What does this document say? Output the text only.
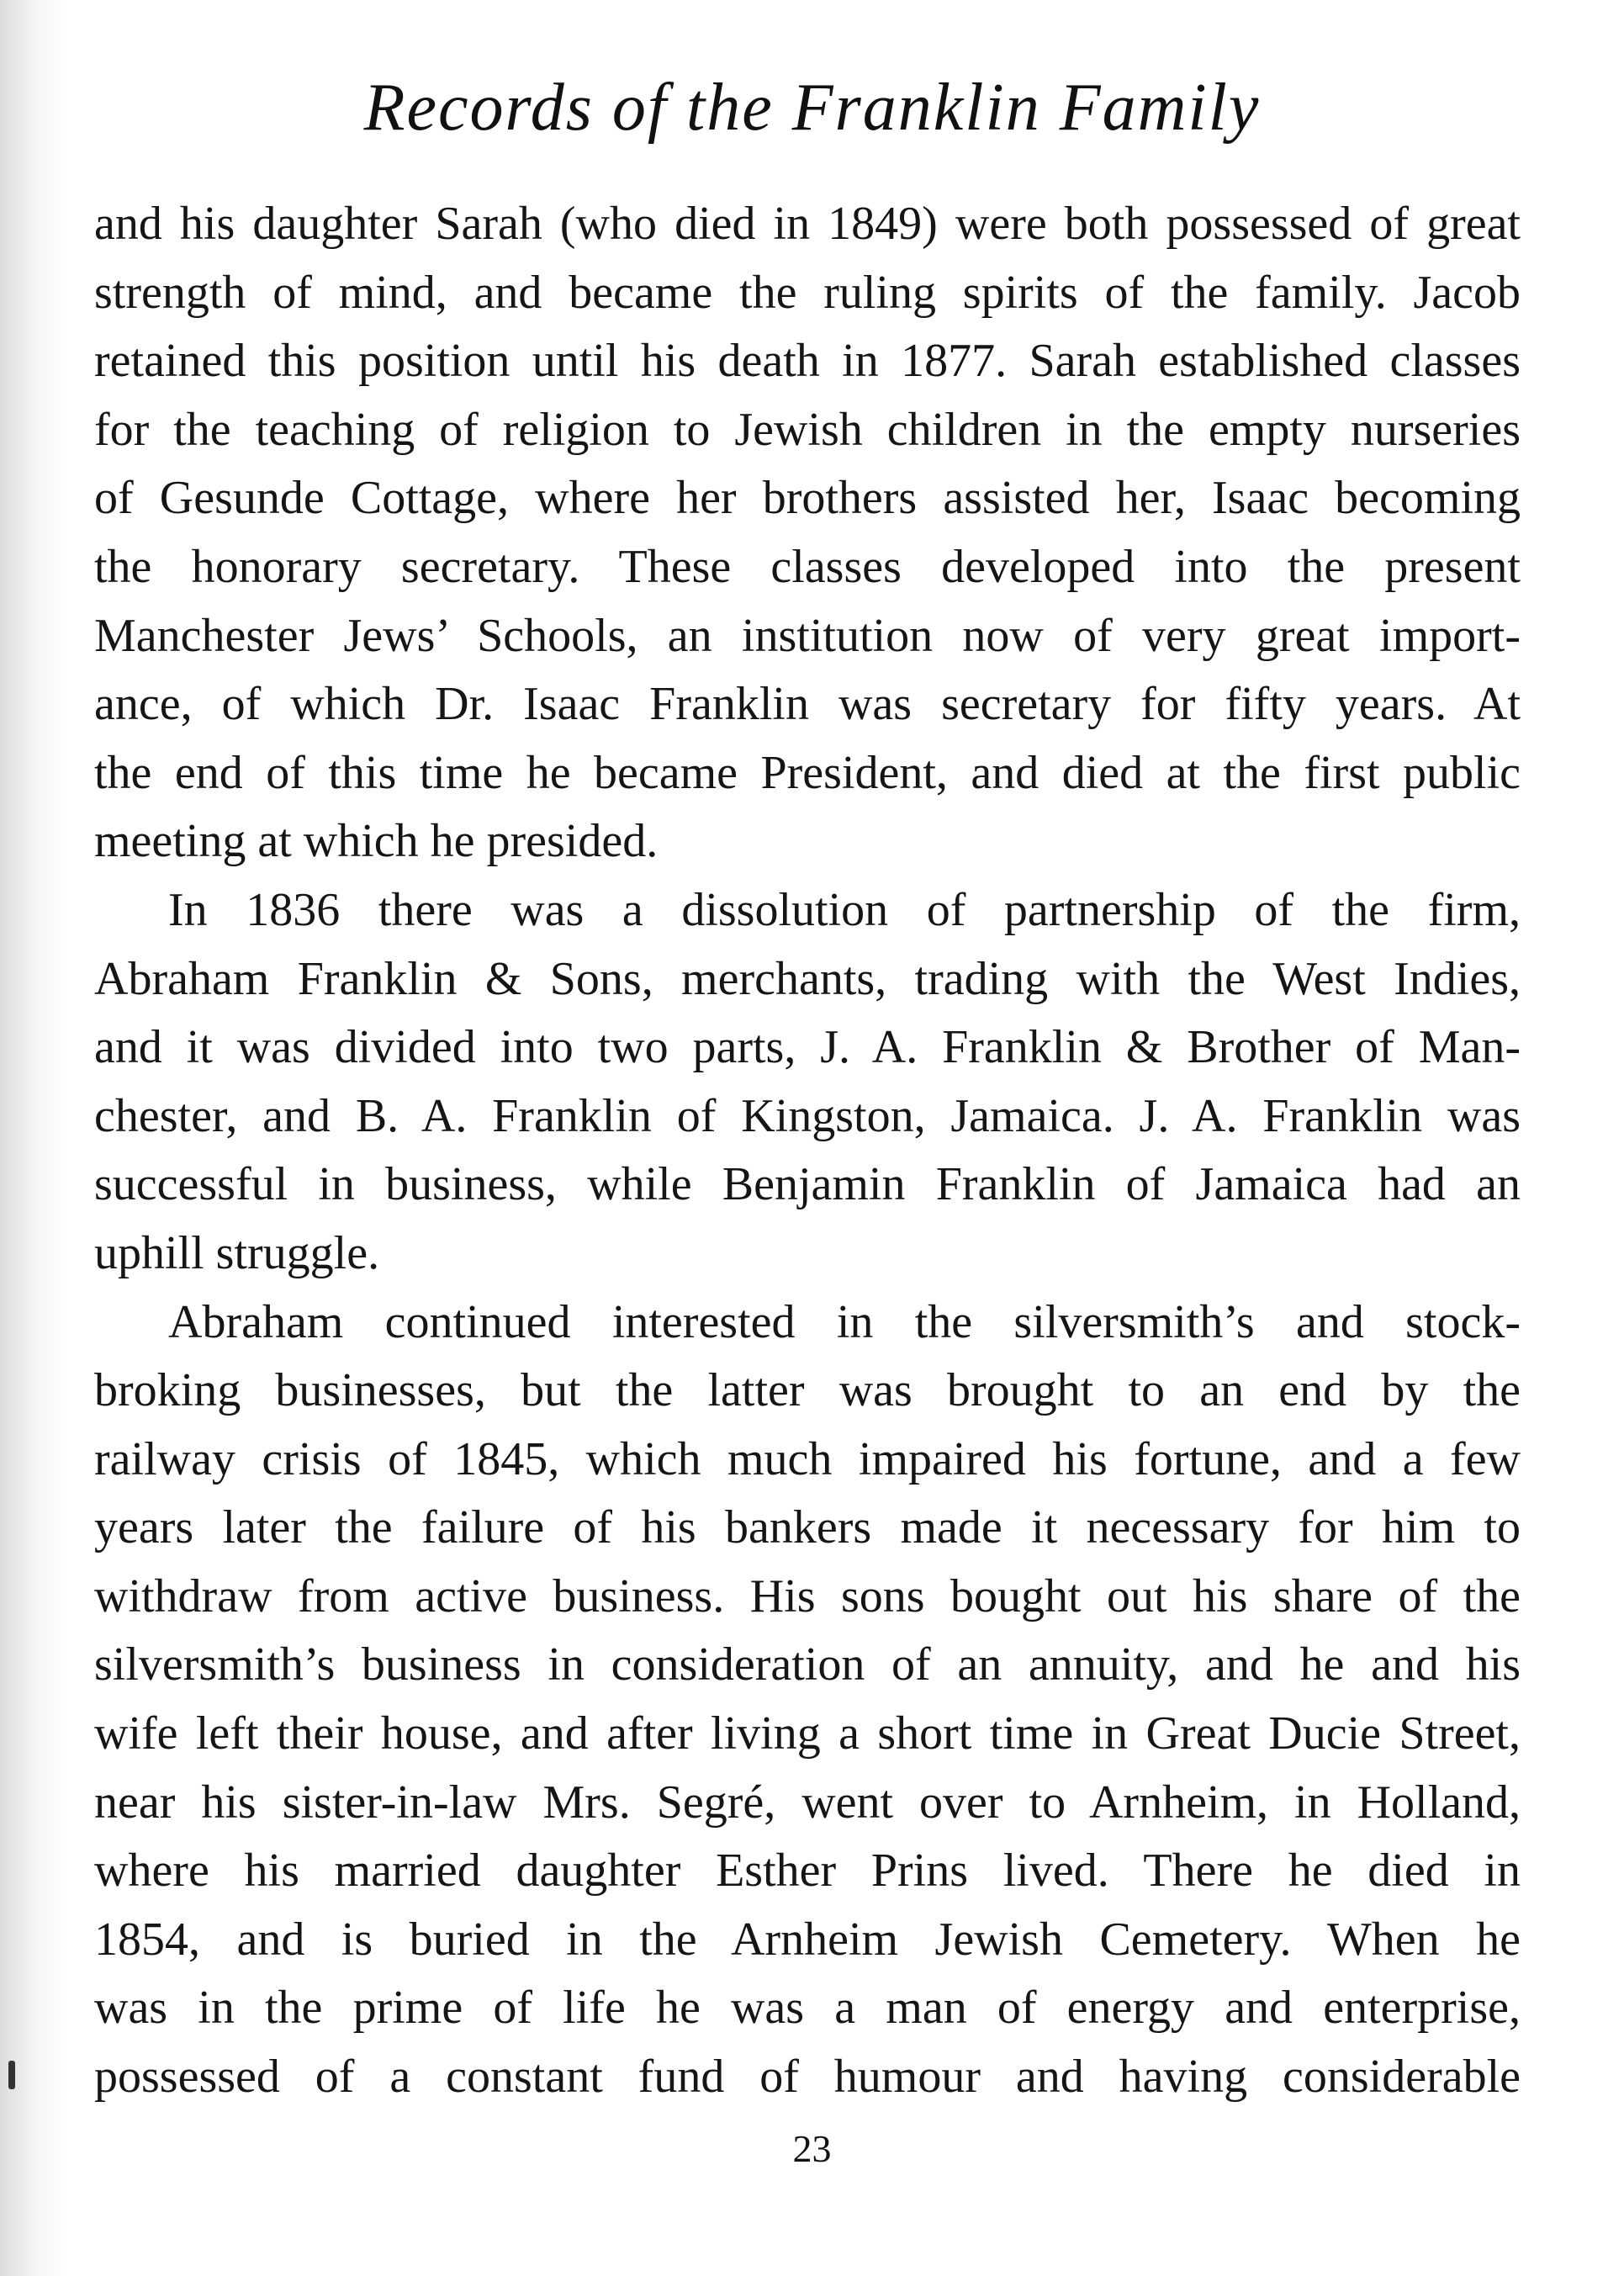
Records of the Franklin Family

and his daughter Sarah (who died in 1849) were both possessed of great
strength of mind, and became the ruling spirits of the family. Jacob
retained this position until his death in 1877. Sarah established classes
for the teaching of religion to Jewish children in the empty nurseries
of Gesunde Cottage, where her brothers assisted her, Isaac becoming
the honorary secretary. These classes developed into the present
Manchester Jews’ Schools, an institution now of very great import-
ance, of which Dr. Isaac Franklin was secretary for fifty years. At
the end of this time he became President, and died at the first public
meeting at which he presided.

In 1836 there was a dissolution of partnership of the firm,
Abraham Franklin & Sons, merchants, trading with the West Indies,
and it was divided into two parts, J. A. Franklin & Brother of Man-
chester, and B. A. Franklin of Kingston, Jamaica. J. A. Franklin was
successful in business, while Benjamin Franklin of Jamaica had an
uphill struggle.

Abraham continued interested in the silversmith’s and stock-
broking businesses, but the latter was brought to an end by the
railway crisis of 1845, which much impaired his fortune, and a few
years later the failure of his bankers made it necessary for him to
withdraw from active business. His sons bought out his share of the
silversmith’s business in consideration of an annuity, and he and his
wife left their house, and after living a short time in Great Ducie Street,
near his sister-in-law Mrs. Segré, went over to Arnheim, in Holland,
where his married daughter Esther Prins lived. There he died in
1854, and is buried in the Arnheim Jewish Cemetery. When he
was in the prime of life he was a man of energy and enterprise,
possessed of a constant fund of humour and having considerable

23
